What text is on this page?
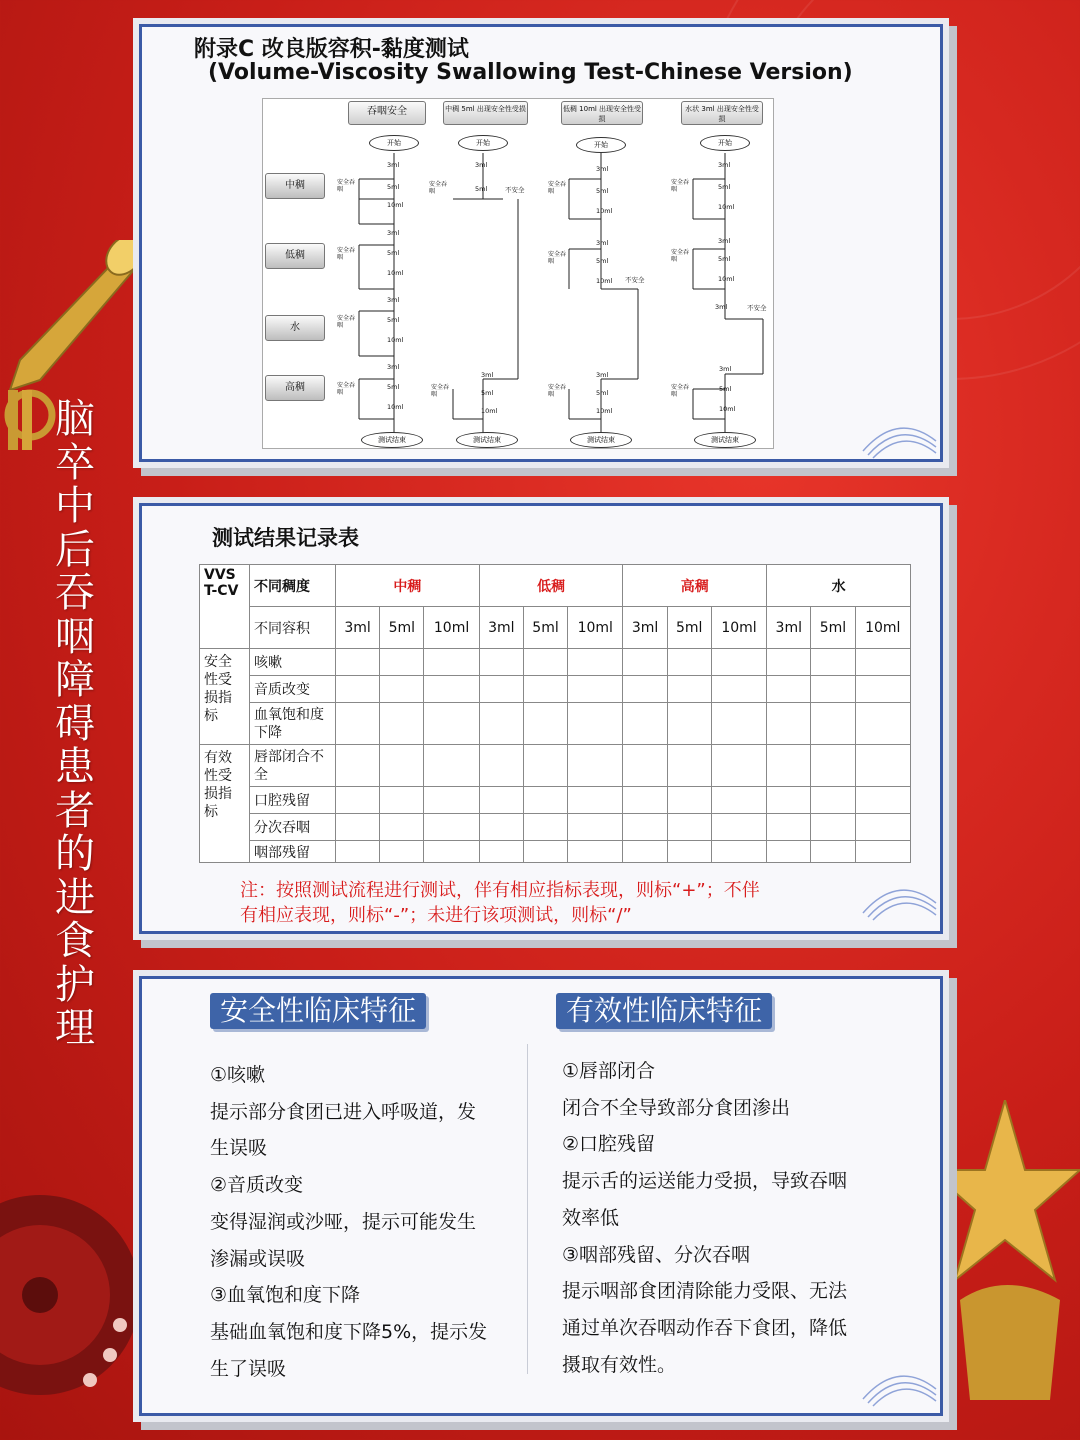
脑卒中后吞咽障碍患者的进食护理
附录C 改良版容积-黏度测试
(Volume-Viscosity Swallowing Test-Chinese Version)
吞咽安全	中稠 5ml 出现安全性受损	低稠 10ml 出现安全性受损
水状 3ml 出现安全性受损
中稠
低稠
水
高稠
开始	开始	开始	开始
测试结束	测试结束	测试结束	测试结束
3ml
5ml
10ml
3ml
5ml
10ml
3ml
5ml
10ml
3ml
5ml
10ml
安全吞咽
安全吞咽
安全吞咽
安全吞咽
3ml
5ml	不安全
安全吞咽
3ml
5ml
10ml
安全吞咽
3ml
5ml
10ml
3ml
5ml
10ml 不安全
安全吞咽
安全吞咽
3ml
5ml
10ml
安全吞咽
3ml
5ml
10ml
3ml
5ml
10ml
3ml	不安全
安全吞咽
安全吞咽
3ml
5ml
10ml
安全吞咽
测试结果记录表
VVS T-CV	不同稠度	中稠			低稠			高稠			水		
	不同容积	3ml	5ml	10ml	3ml	5ml	10ml	3ml	5ml	10ml	3ml	5ml	10ml
安全性受损指标	咳嗽												
	音质改变												
	血氧饱和度下降												
有效性受损指标	唇部闭合不全												
	口腔残留												
	分次吞咽												
	咽部残留												
注：按照测试流程进行测试，伴有相应指标表现，则标“+”；不伴
有相应表现，则标“-”；未进行该项测试，则标“/”
安全性临床特征	有效性临床特征
①咳嗽
提示部分食团已进入呼吸道，发
生误吸
②音质改变
变得湿润或沙哑，提示可能发生
渗漏或误吸
③血氧饱和度下降
基础血氧饱和度下降5%，提示发
生了误吸
①唇部闭合
闭合不全导致部分食团渗出
②口腔残留
提示舌的运送能力受损，导致吞咽
效率低
③咽部残留、分次吞咽
提示咽部食团清除能力受限、无法
通过单次吞咽动作吞下食团，降低
摄取有效性。
